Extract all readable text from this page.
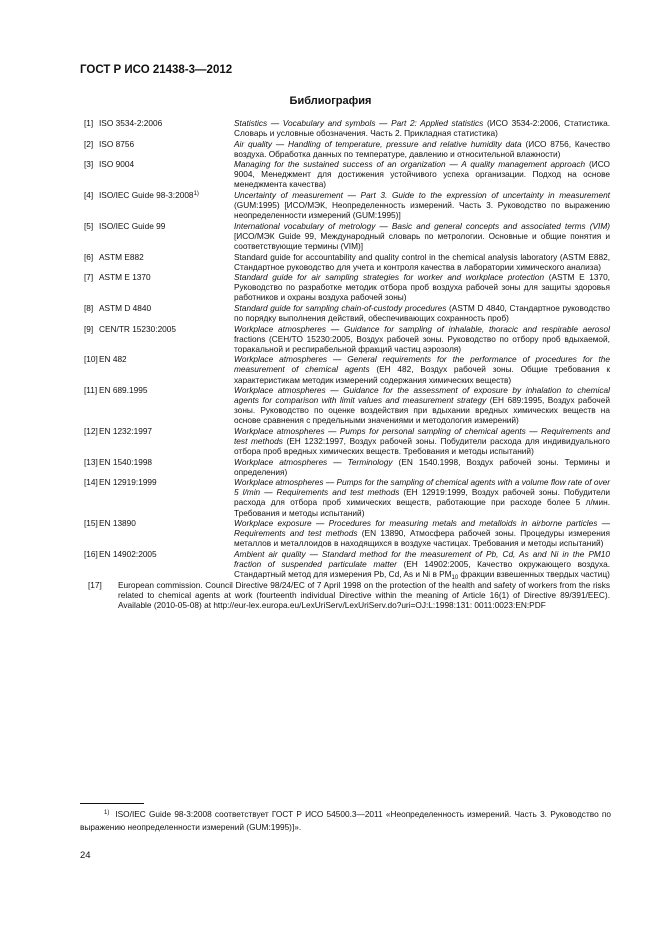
ГОСТ Р ИСО 21438-3—2012
Библиография
[1] ISO 3534-2:2006	Statistics — Vocabulary and symbols — Part 2: Applied statistics (ИСО 3534-2:2006, Статистика. Словарь и условные обозначения. Часть 2. Прикладная статистика)
[2] ISO 8756	Air quality — Handling of temperature, pressure and relative humidity data (ИСО 8756, Качество воздуха. Обработка данных по температуре, давлению и относительной влажности)
[3] ISO 9004	Managing for the sustained success of an organization — A quality management approach (ИСО 9004, Менеджмент для достижения устойчивого успеха организации. Подход на основе менеджмента качества)
[4] ISO/IEC Guide 98-3:2008$^{1)}$	Uncertainty of measurement — Part 3. Guide to the expression of uncertainty in measurement (GUM:1995) [ИСО/МЭК, Неопределенность измерений. Часть 3. Руководство по выражению неопределенности измерений (GUM:1995)]
[5] ISO/IEC Guide 99	International vocabulary of metrology — Basic and general concepts and associated terms (VIM) [ИСО/МЭК Guide 99, Международный словарь по метрологии. Основные и общие понятия и соответствующие термины (VIM)]
[6] ASTM E882	Standard guide for accountability and quality control in the chemical analysis laboratory (ASTM E882, Стандартное руководство для учета и контроля качества в лаборатории химического анализа)
[7] ASTM E 1370	Standard guide for air sampling strategies for worker and workplace protection (ASTM E 1370, Руководство по разработке методик отбора проб воздуха рабочей зоны для защиты здоровья работников и охраны воздуха рабочей зоны)
[8] ASTM D 4840	Standard guide for sampling chain-of-custody procedures (ASTM D 4840, Стандартное руководство по порядку выполнения действий, обеспечивающих сохранность проб)
[9] CEN/TR 15230:2005	Workplace atmospheres — Guidance for sampling of inhalable, thoracic and respirable aerosol fractions (CEH/TO 15230:2005, Воздух рабочей зоны. Руководство по отбору проб вдыхаемой, торакальной и респирабельной фракций частиц аэрозоля)
[10] EN 482	Workplace atmospheres — General requirements for the performance of procedures for the measurement of chemical agents (EH 482, Воздух рабочей зоны. Общие требования к характеристикам методик измерений содержания химических веществ)
[11] EN 689.1995	Workplace atmospheres — Guidance for the assessment of exposure by inhalation to chemical agents for comparison with limit values and measurement strategy (EH 689:1995, Воздух рабочей зоны. Руководство по оценке воздействия при вдыхании вредных химических веществ на основе сравнения с предельными значениями и методология измерений)
[12] EN 1232:1997	Workplace atmospheres — Pumps for personal sampling of chemical agents — Requirements and test methods (EH 1232:1997, Воздух рабочей зоны. Побудители расхода для индивидуального отбора проб вредных химических веществ. Требования и методы испытаний)
[13] EN 1540:1998	Workplace atmospheres — Terminology (EN 1540.1998, Воздух рабочей зоны. Термины и определения)
[14] EN 12919:1999	Workplace atmospheres — Pumps for the sampling of chemical agents with a volume flow rate of over 5 l/min — Requirements and test methods (EH 12919:1999, Воздух рабочей зоны. Побудители расхода для отбора проб химических веществ, работающие при расходе более 5 л/мин. Требования и методы испытаний)
[15] EN 13890	Workplace exposure — Procedures for measuring metals and metalloids in airborne particles — Requirements and test methods (EN 13890, Атмосфера рабочей зоны. Процедуры измерения металлов и металлоидов в находящихся в воздухе частицах. Требования и методы испытаний)
[16] EN 14902:2005	Ambient air quality — Standard method for the measurement of Pb, Cd, As and Ni in the PM10 fraction of suspended particulate matter (EH 14902:2005, Качество окружающего воздуха. Стандартный метод для измерения Pb, Cd, As и Ni в $РМ_{10}$ фракции взвешенных твердых частиц)
[17] European commission. Council Directive 98/24/EC of 7 April 1998 on the protection of the health and safety of workers from the risks related to chemical agents at work (fourteenth individual Directive within the meaning of Article 16(1) of Directive 89/391/EEC). Available (2010-05-08) at http://eur-lex.europa.eu/LexUriServ/LexUriServ.do?uri=OJ:L:1998:131: 0011:0023:EN:PDF
$^{1)}$ ISO/IEC Guide 98-3:2008 соответствует ГОСТ Р ИСО 54500.3—2011 «Неопределенность измерений. Часть 3. Руководство по выражению неопределенности измерений (GUM:1995)]».
24
